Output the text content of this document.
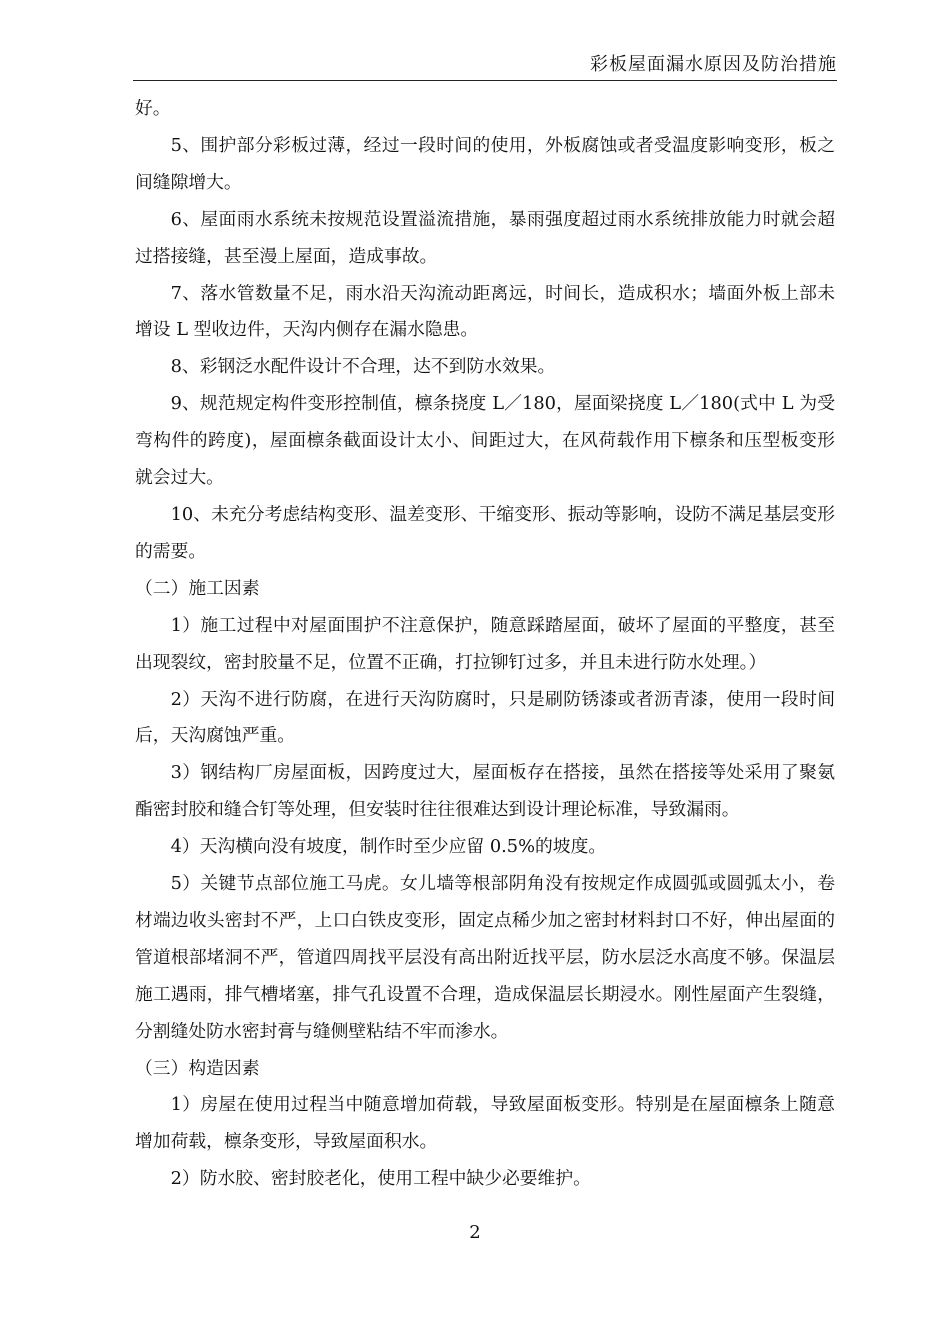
彩板屋面漏水原因及防治措施

好。

5、围护部分彩板过薄，经过一段时间的使用，外板腐蚀或者受温度影响变形，板之间缝隙增大。

6、屋面雨水系统未按规范设置溢流措施，暴雨强度超过雨水系统排放能力时就会超过搭接缝，甚至漫上屋面，造成事故。

7、落水管数量不足，雨水沿天沟流动距离远，时间长，造成积水；墙面外板上部未增设 L 型收边件，天沟内侧存在漏水隐患。

8、彩钢泛水配件设计不合理，达不到防水效果。

9、规范规定构件变形控制值，檩条挠度 L／180，屋面梁挠度 L／180(式中 L 为受弯构件的跨度)，屋面檩条截面设计太小、间距过大，在风荷载作用下檩条和压型板变形就会过大。

10、未充分考虑结构变形、温差变形、干缩变形、振动等影响，设防不满足基层变形的需要。

（二）施工因素

1）施工过程中对屋面围护不注意保护，随意踩踏屋面，破坏了屋面的平整度，甚至出现裂纹，密封胶量不足，位置不正确，打拉铆钉过多，并且未进行防水处理。）

2）天沟不进行防腐，在进行天沟防腐时，只是刷防锈漆或者沥青漆，使用一段时间后，天沟腐蚀严重。

3）钢结构厂房屋面板，因跨度过大，屋面板存在搭接，虽然在搭接等处采用了聚氨酯密封胶和缝合钉等处理，但安装时往往很难达到设计理论标准，导致漏雨。

4）天沟横向没有坡度，制作时至少应留 0.5%的坡度。

5）关键节点部位施工马虎。女儿墙等根部阴角没有按规定作成圆弧或圆弧太小，卷材端边收头密封不严，上口白铁皮变形，固定点稀少加之密封材料封口不好，伸出屋面的管道根部堵洞不严，管道四周找平层没有高出附近找平层，防水层泛水高度不够。保温层施工遇雨，排气槽堵塞，排气孔设置不合理，造成保温层长期浸水。刚性屋面产生裂缝，分割缝处防水密封膏与缝侧壁粘结不牢而渗水。

（三）构造因素

1）房屋在使用过程当中随意增加荷载，导致屋面板变形。特别是在屋面檩条上随意增加荷载，檩条变形，导致屋面积水。

2）防水胶、密封胶老化，使用工程中缺少必要维护。

2
